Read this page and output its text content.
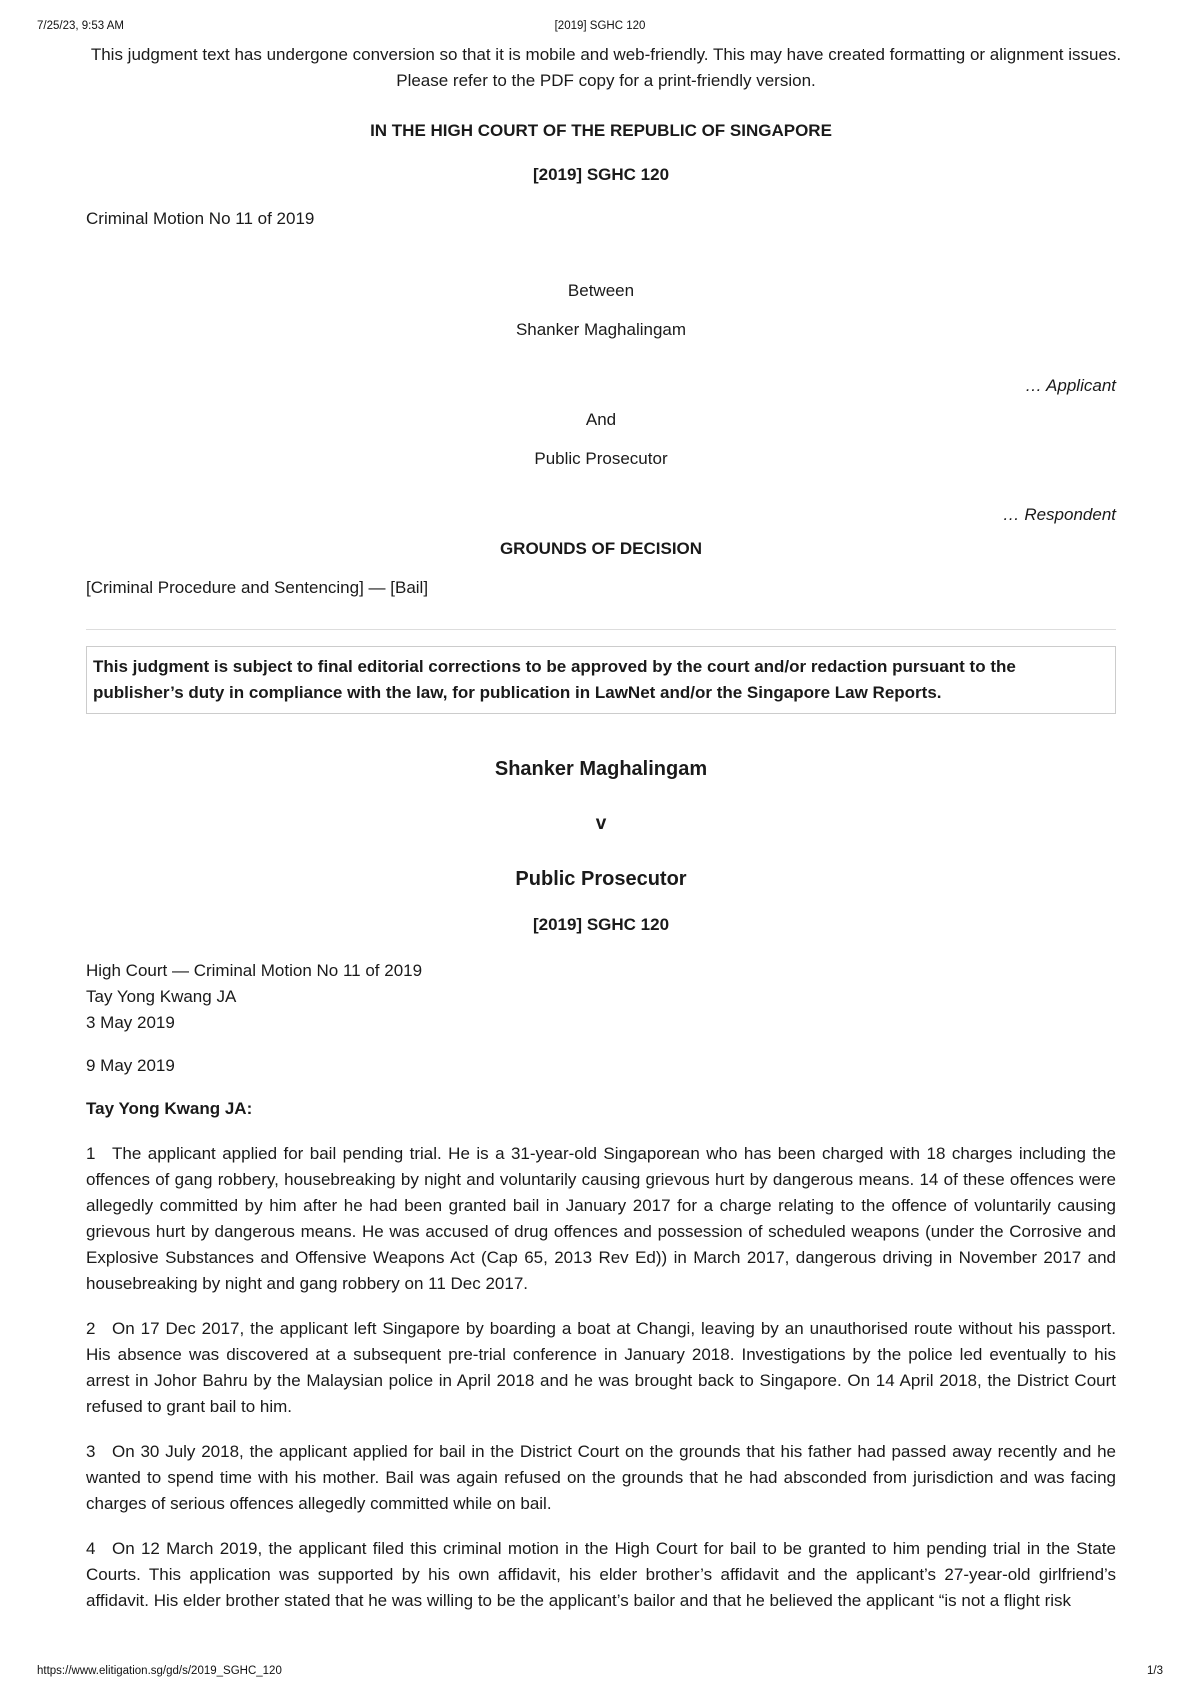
7/25/23, 9:53 AM	[2019] SGHC 120

This judgment text has undergone conversion so that it is mobile and web-friendly. This may have created formatting or alignment issues.

Please refer to the PDF copy for a print-friendly version.

IN THE HIGH COURT OF THE REPUBLIC OF SINGAPORE

[2019] SGHC 120

Criminal Motion No 11 of 2019

Between

Shanker Maghalingam

… Applicant

And

Public Prosecutor

… Respondent

GROUNDS OF DECISION

[Criminal Procedure and Sentencing] — [Bail]

This judgment is subject to final editorial corrections to be approved by the court and/or redaction pursuant to the publisher’s duty in compliance with the law, for publication in LawNet and/or the Singapore Law Reports.

Shanker Maghalingam

v

Public Prosecutor

[2019] SGHC 120

High Court — Criminal Motion No 11 of 2019

Tay Yong Kwang JA

3 May 2019

9 May 2019

Tay Yong Kwang JA:

1 The applicant applied for bail pending trial. He is a 31-year-old Singaporean who has been charged with 18 charges including the offences of gang robbery, housebreaking by night and voluntarily causing grievous hurt by dangerous means. 14 of these offences were allegedly committed by him after he had been granted bail in January 2017 for a charge relating to the offence of voluntarily causing grievous hurt by dangerous means. He was accused of drug offences and possession of scheduled weapons (under the Corrosive and Explosive Substances and Offensive Weapons Act (Cap 65, 2013 Rev Ed)) in March 2017, dangerous driving in November 2017 and housebreaking by night and gang robbery on 11 Dec 2017.

2 On 17 Dec 2017, the applicant left Singapore by boarding a boat at Changi, leaving by an unauthorised route without his passport. His absence was discovered at a subsequent pre-trial conference in January 2018. Investigations by the police led eventually to his arrest in Johor Bahru by the Malaysian police in April 2018 and he was brought back to Singapore. On 14 April 2018, the District Court refused to grant bail to him.

3 On 30 July 2018, the applicant applied for bail in the District Court on the grounds that his father had passed away recently and he wanted to spend time with his mother. Bail was again refused on the grounds that he had absconded from jurisdiction and was facing charges of serious offences allegedly committed while on bail.

4 On 12 March 2019, the applicant filed this criminal motion in the High Court for bail to be granted to him pending trial in the State Courts. This application was supported by his own affidavit, his elder brother’s affidavit and the applicant’s 27-year-old girlfriend’s affidavit. His elder brother stated that he was willing to be the applicant’s bailor and that he believed the applicant “is not a flight risk

https://www.elitigation.sg/gd/s/2019_SGHC_120	1/3
